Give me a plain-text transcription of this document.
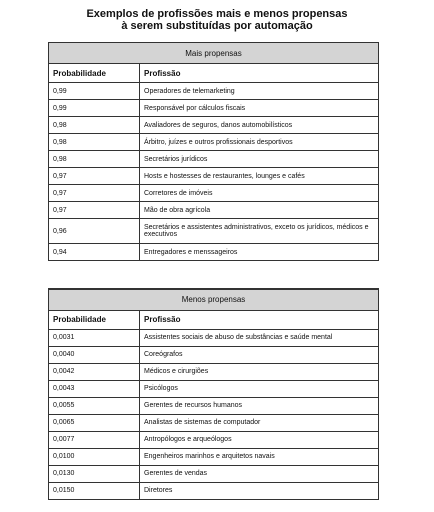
Exemplos de profissões mais e menos propensas
à serem substituídas por automação
Mais propensas	
Probabilidade	Profissão
0,99	Operadores de telemarketing
0,99	Responsável por cálculos fiscais
0,98	Avaliadores de seguros, danos automobilísticos
0,98	Árbitro, juízes e outros profissionais desportivos
0,98	Secretários jurídicos
0,97	Hosts e hostesses de restaurantes, lounges e cafés
0,97	Corretores de imóveis
0,97	Mão de obra agrícola
0,96	Secretários e assistentes administrativos, exceto os jurídicos, médicos e executivos
0,94	Entregadores e menssageiros
Menos propensas	
Probabilidade	Profissão
0,0031	Assistentes sociais de abuso de substâncias e saúde mental
0,0040	Coreógrafos
0,0042	Médicos e cirurgiões
0,0043	Psicólogos
0,0055	Gerentes de recursos humanos
0,0065	Analistas de sistemas de computador
0,0077	Antropólogos e arqueólogos
0,0100	Engenheiros marinhos e arquitetos navais
0,0130	Gerentes de vendas
0,0150	Diretores
